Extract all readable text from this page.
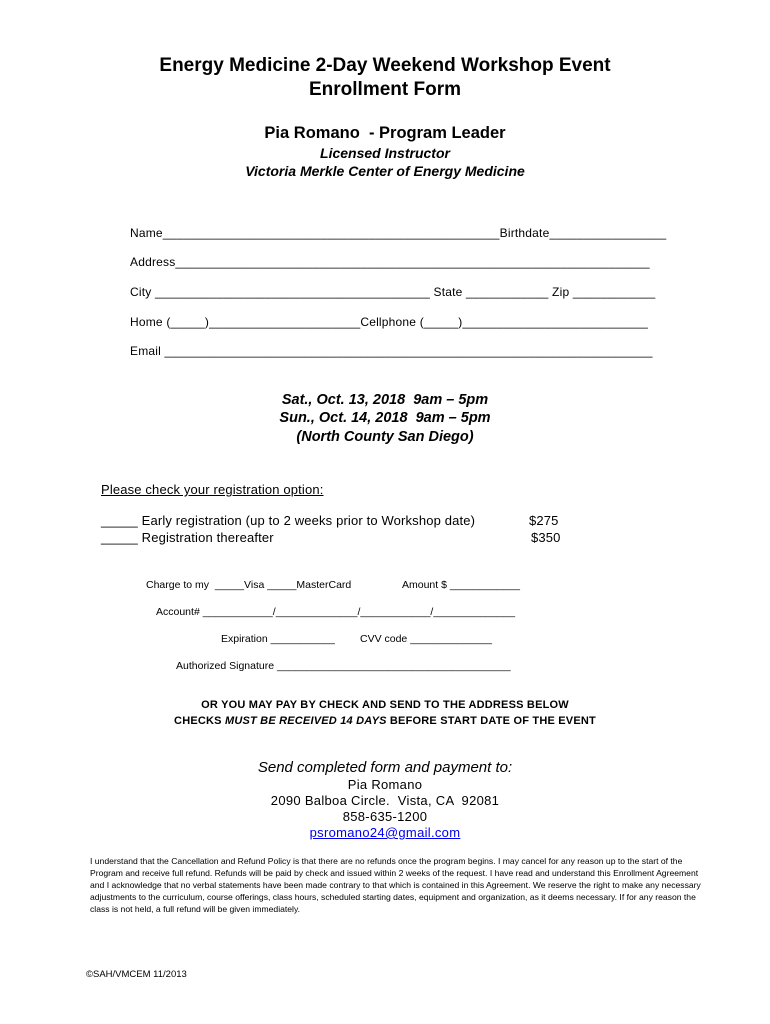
Energy Medicine 2-Day Weekend Workshop Event
Enrollment Form
Pia Romano  - Program Leader
Licensed Instructor
Victoria Merkle Center of Energy Medicine
Name_________________________________________________Birthdate_________________
Address_____________________________________________________________________
City ________________________________________ State ____________ Zip ____________
Home (_____)______________________Cellphone (_____)___________________________
Email _______________________________________________________________________
Sat., Oct. 13, 2018  9am – 5pm
Sun., Oct. 14, 2018  9am – 5pm
(North County San Diego)
Please check your registration option:
_____ Early registration (up to 2 weeks prior to Workshop date)	$275
_____ Registration thereafter	$350
Charge to my  _____Visa _____MasterCard	Amount $ ____________
Account# ____________/______________/____________/______________
Expiration ___________ CVV code ______________
Authorized Signature ________________________________________
OR YOU MAY PAY BY CHECK AND SEND TO THE ADDRESS BELOW
CHECKS MUST BE RECEIVED 14 DAYS BEFORE START DATE OF THE EVENT
Send completed form and payment to:
Pia Romano
2090 Balboa Circle.  Vista, CA  92081
858-635-1200
psromano24@gmail.com
I understand that the Cancellation and Refund Policy is that there are no refunds once the program begins. I may cancel for any reason up to the start of the Program and receive full refund. Refunds will be paid by check and issued within 2 weeks of the request. I have read and understand this Enrollment Agreement and I acknowledge that no verbal statements have been made contrary to that which is contained in this Agreement. We reserve the right to make any necessary adjustments to the curriculum, course offerings, class hours, scheduled starting dates, equipment and organization, as it deems necessary. If for any reason the class is not held, a full refund will be given immediately.
©SAH/VMCEM 11/2013
